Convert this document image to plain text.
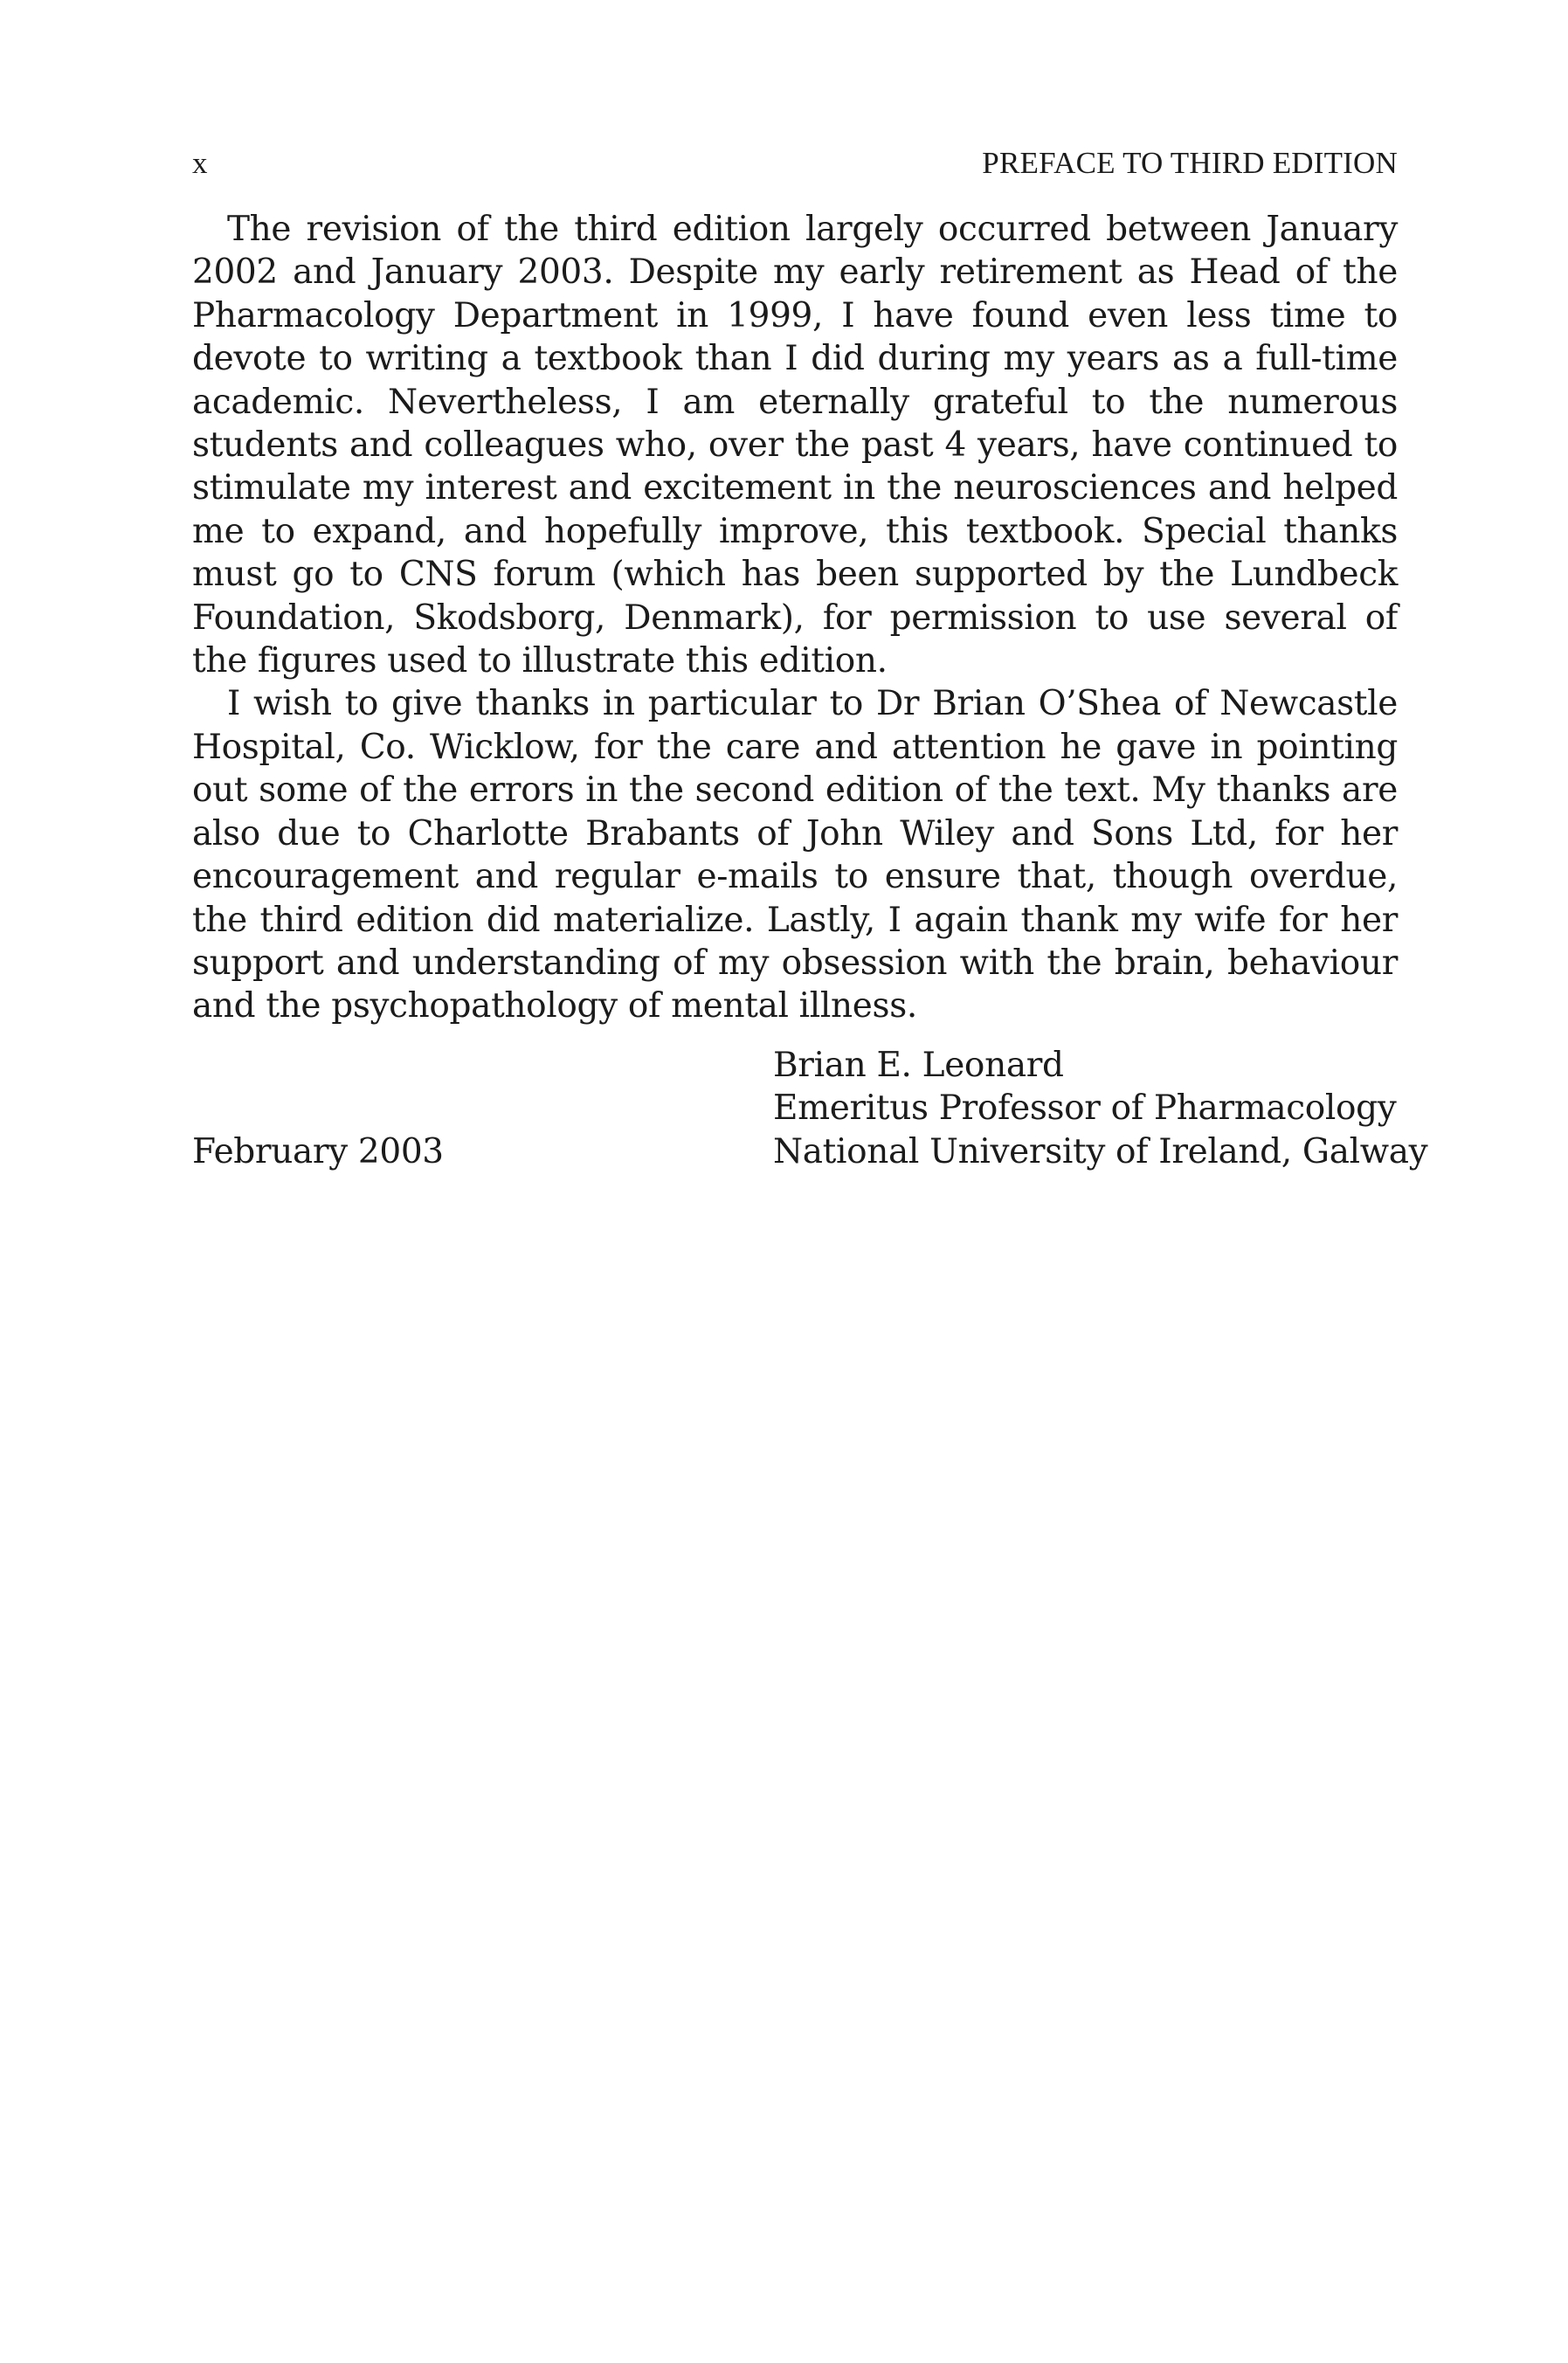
x	PREFACE TO THIRD EDITION

The revision of the third edition largely occurred between January 2002 and January 2003. Despite my early retirement as Head of the Pharmacology Department in 1999, I have found even less time to devote to writing a textbook than I did during my years as a full-time academic. Nevertheless, I am eternally grateful to the numerous students and colleagues who, over the past 4 years, have continued to stimulate my interest and excitement in the neurosciences and helped me to expand, and hopefully improve, this textbook. Special thanks must go to CNS forum (which has been supported by the Lundbeck Foundation, Skodsborg, Denmark), for permission to use several of the figures used to illustrate this edition.

I wish to give thanks in particular to Dr Brian O’Shea of Newcastle Hospital, Co. Wicklow, for the care and attention he gave in pointing out some of the errors in the second edition of the text. My thanks are also due to Charlotte Brabants of John Wiley and Sons Ltd, for her encouragement and regular e-mails to ensure that, though overdue, the third edition did materialize. Lastly, I again thank my wife for her support and understanding of my obsession with the brain, behaviour and the psychopathology of mental illness.

February 2003
Brian E. Leonard
Emeritus Professor of Pharmacology
National University of Ireland, Galway
